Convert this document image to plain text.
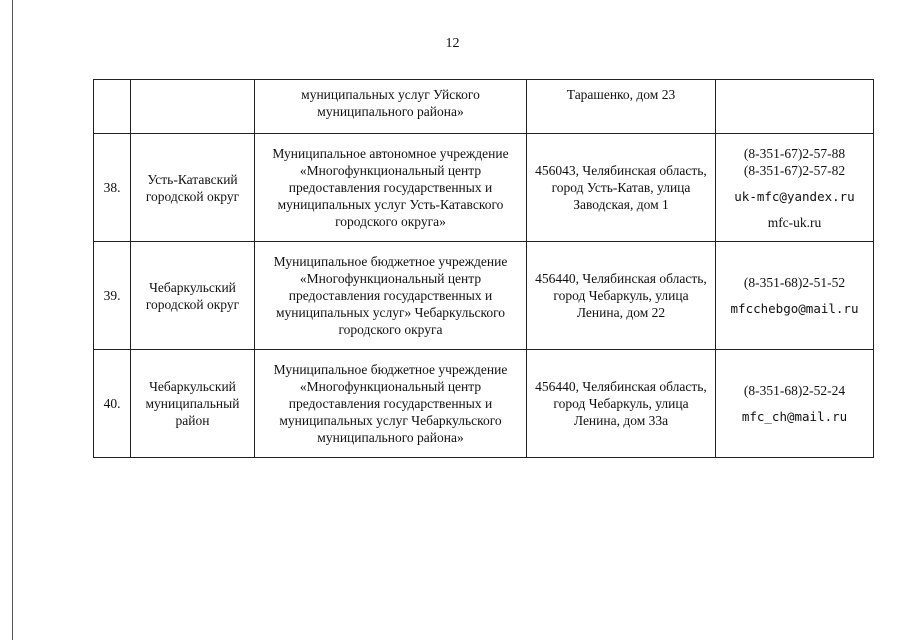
12
		муниципальных услуг Уйского муниципального района»	Тарашенко, дом 23	
38.	Усть-Катавский городской округ	Муниципальное автономное учреждение «Многофункциональный центр предоставления государственных и муниципальных услуг Усть-Катавского городского округа»	456043, Челябинская область, город Усть-Катав, улица Заводская, дом 1	(8-351-67)2-57-88
(8-351-67)2-57-82
uk-mfc@yandex.ru
mfc-uk.ru

39.	Чебаркульский городской округ	Муниципальное бюджетное учреждение «Многофункциональный центр предоставления государственных и муниципальных услуг» Чебаркульского городского округа	456440, Челябинская область, город Чебаркуль, улица Ленина, дом 22	(8-351-68)2-51-52
mfcchebgo@mail.ru

40.	Чебаркульский муниципальный район	Муниципальное бюджетное учреждение «Многофункциональный центр предоставления государственных и муниципальных услуг Чебаркульского муниципального района»	456440, Челябинская область, город Чебаркуль, улица Ленина, дом 33а	(8-351-68)2-52-24
mfc_ch@mail.ru
